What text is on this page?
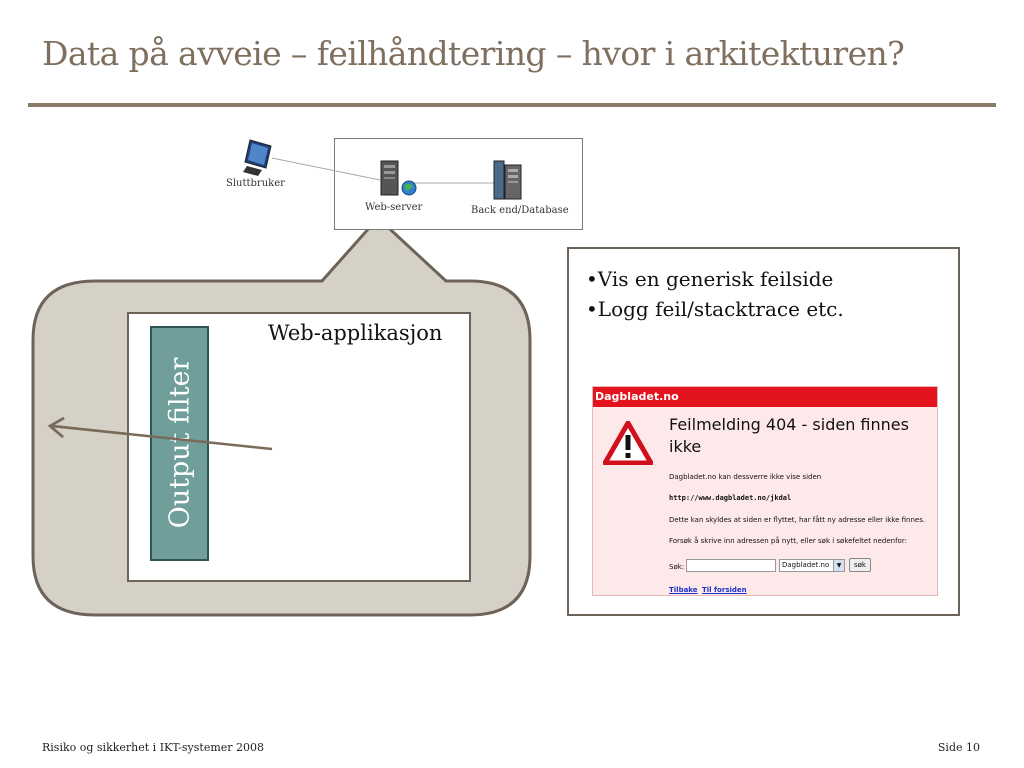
Data på avveie – feilhåndtering – hvor i arkitekturen?
Sluttbruker
Web-server	Back end/Database
Web-applikasjon
Output filter
•Vis en generisk feilside
•Logg feil/stacktrace etc.
Dagbladet.no
Feilmelding 404 - siden finnes ikke
Dagbladet.no kan dessverre ikke vise siden
http://www.dagbladet.no/jkdal
Dette kan skyldes at siden er flyttet, har fått ny adresse eller ikke finnes.
Forsøk å skrive inn adressen på nytt, eller søk i søkefeltet nedenfor:
Søk:	Dagbladet.no	▼	søk
Tilbake Til forsiden
Risiko og sikkerhet i IKT-systemer 2008	Side 10
